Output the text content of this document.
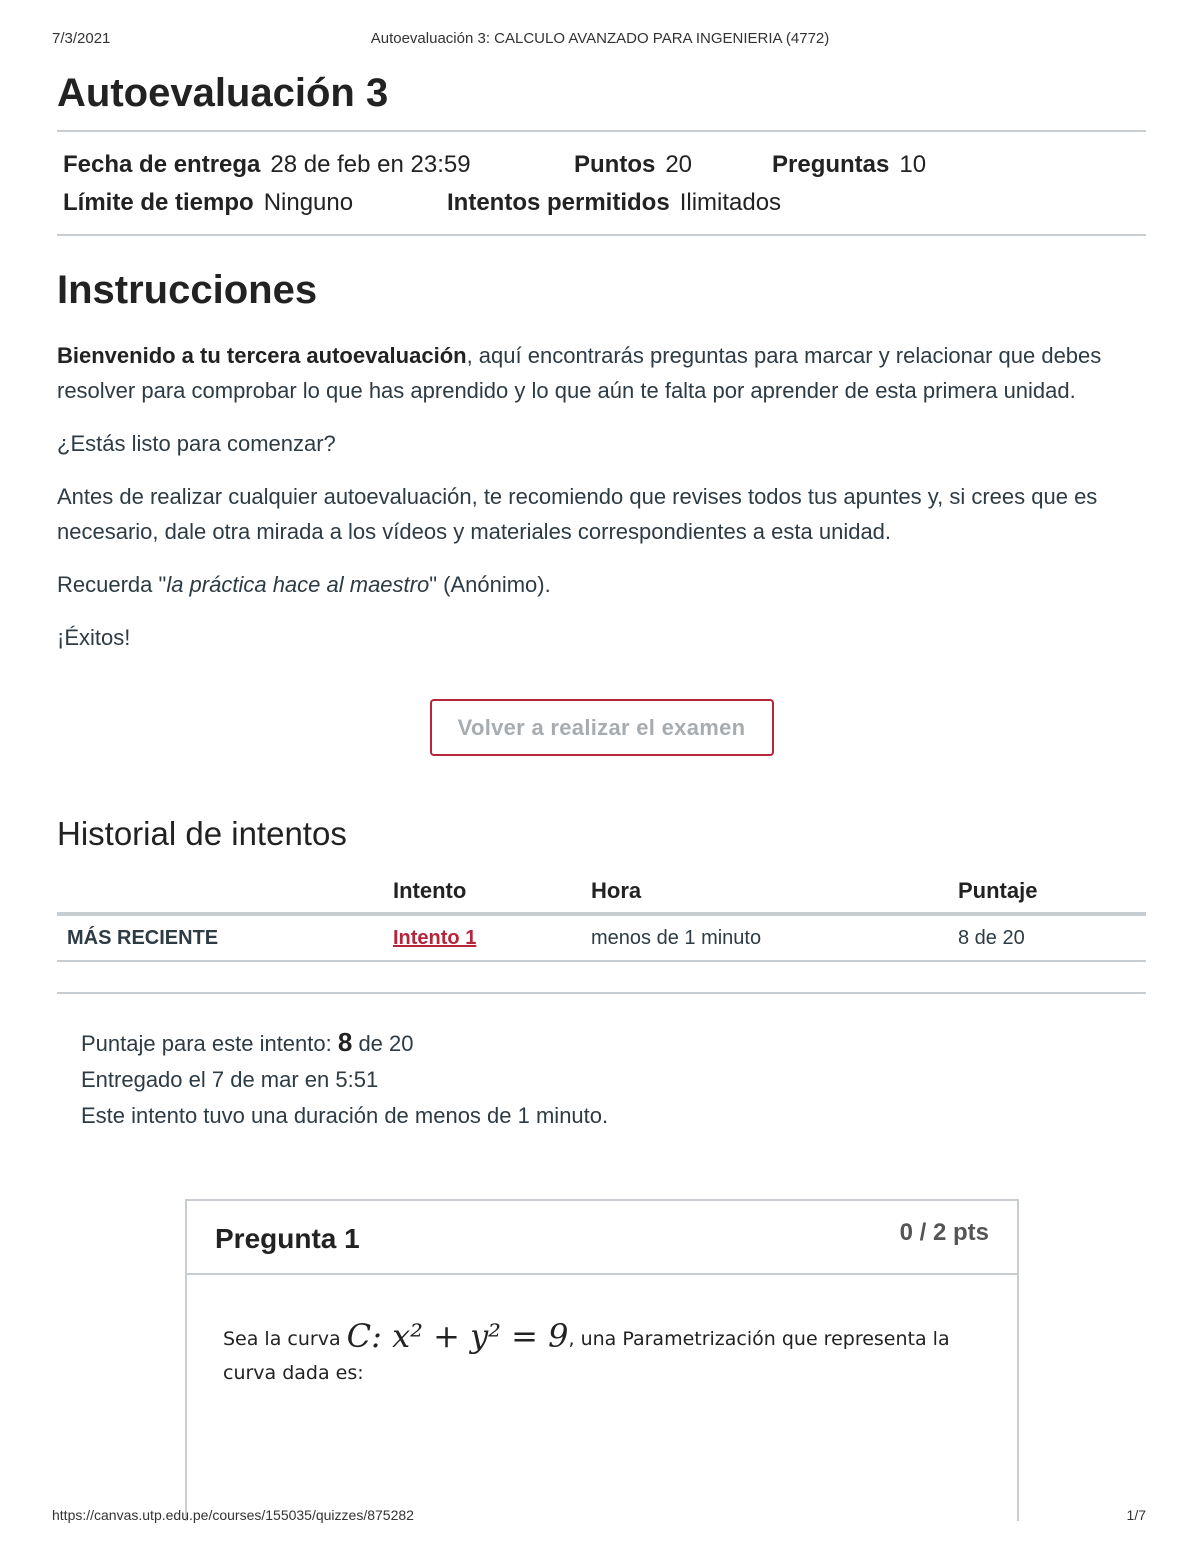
7/3/2021	Autoevaluación 3: CALCULO AVANZADO PARA INGENIERIA (4772)
Autoevaluación 3
Fecha de entrega 28 de feb en 23:59	Puntos 20	Preguntas 10
Límite de tiempo Ninguno	Intentos permitidos Ilimitados
Instrucciones

Bienvenido a tu tercera autoevaluación, aquí encontrarás preguntas para marcar y relacionar que debes resolver para comprobar lo que has aprendido y lo que aún te falta por aprender de esta primera unidad.

¿Estás listo para comenzar?

Antes de realizar cualquier autoevaluación, te recomiendo que revises todos tus apuntes y, si crees que es necesario, dale otra mirada a los vídeos y materiales correspondientes a esta unidad.

Recuerda "la práctica hace al maestro" (Anónimo).

¡Éxitos!

Volver a realizar el examen
Historial de intentos
	Intento	Hora	Puntaje
MÁS RECIENTE	Intento 1	menos de 1 minuto	8 de 20
Puntaje para este intento: 8 de 20
Entregado el 7 de mar en 5:51
Este intento tuvo una duración de menos de 1 minuto.
Pregunta 1	0 / 2 pts
Sea la curva C: x² + y² = 9, una Parametrización que representa la curva dada es:
https://canvas.utp.edu.pe/courses/155035/quizzes/875282	1/7
